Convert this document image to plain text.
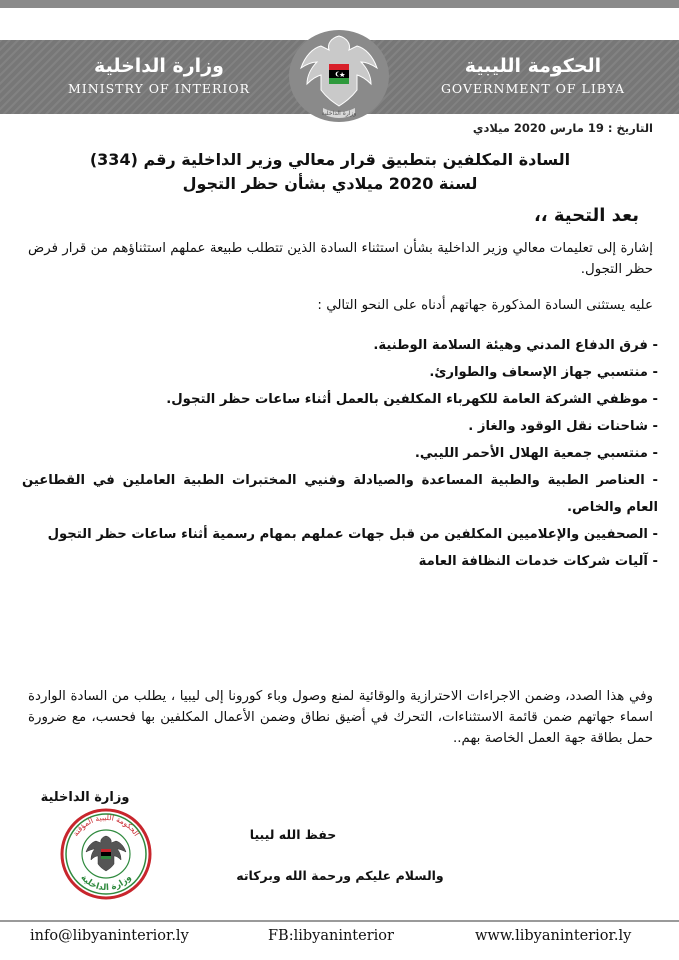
وزارة الداخلية
MINISTRY OF INTERIOR
الحكومة الليبية
GOVERNMENT OF LIBYA
وزارة الداخلية
التاريخ : 19 مارس 2020 ميلادي
السادة المكلفين بتطبيق قرار معالي وزير الداخلية رقم (334)
لسنة 2020 ميلادي بشأن حظر التجول
بعد التحية ،،

إشارة إلى تعليمات معالي وزير الداخلية بشأن استثناء السادة الذين تتطلب طبيعة عملهم استثناؤهم من قرار فرض حظر التجول.

عليه يستثنى السادة المذكورة جهاتهم أدناه على النحو التالي :

- فرق الدفاع المدني وهيئة السلامة الوطنية.
- منتسبي جهاز الإسعاف والطوارئ.
- موظفي الشركة العامة للكهرباء المكلفين بالعمل أثناء ساعات حظر التجول.
- شاحنات نقل الوقود والغاز .
- منتسبي جمعية الهلال الأحمر الليبي.
- العناصر الطبية والطبية المساعدة والصيادلة وفنيي المختبرات الطبية العاملين في القطاعين العام والخاص.
- الصحفيين والإعلاميين المكلفين من قبل جهات عملهم بمهام رسمية أثناء ساعات حظر التجول
- آليات شركات خدمات النظافة العامة

وفي هذا الصدد، وضمن الاجراءات الاحترازية والوقائية لمنع وصول وباء كورونا إلى ليبيا ، يطلب من السادة الواردة اسماء جهاتهم ضمن قائمة الاستثناءات، التحرك في أضيق نطاق وضمن الأعمال المكلفين بها فحسب، مع ضرورة حمل بطاقة جهة العمل الخاصة بهم..

وزارة الداخلية
الحكومة الليبية المؤقتة
وزارة الداخلية
حفظ الله ليبيا
والسلام عليكم ورحمة الله وبركاته
info@libyaninterior.ly	FB:libyaninterior	www.libyaninterior.ly
